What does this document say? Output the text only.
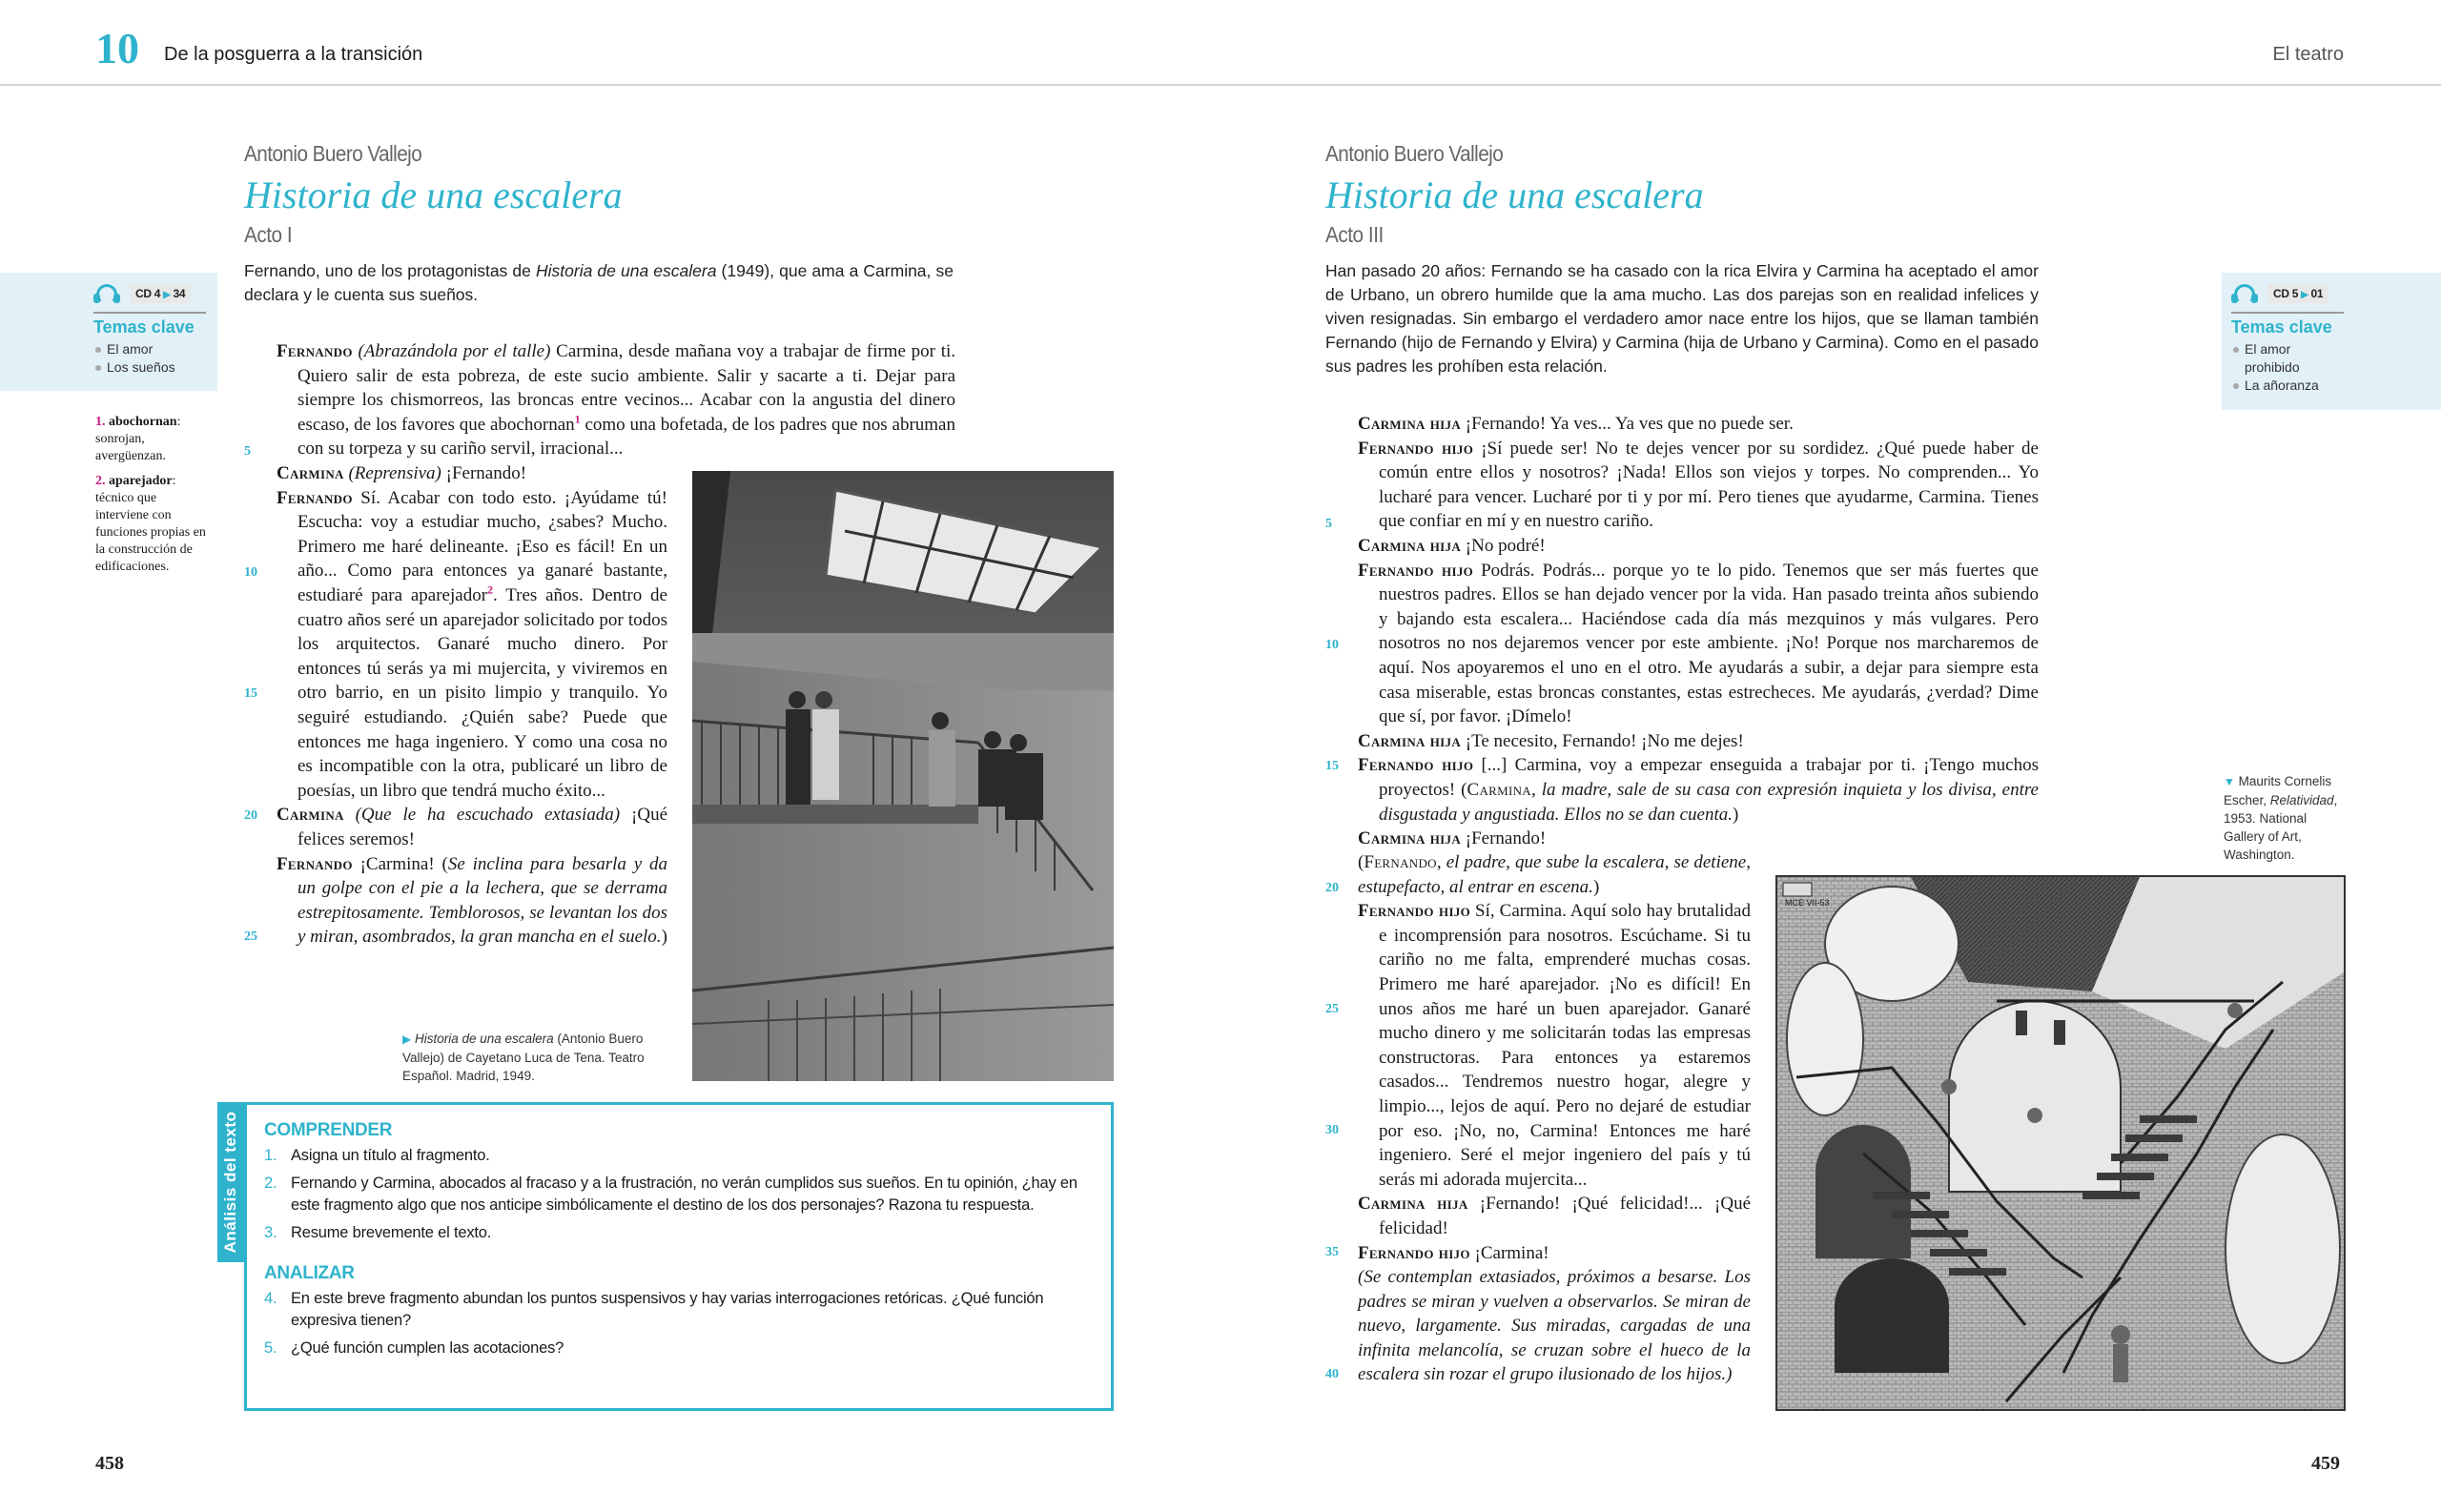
10 De la posguerra a la transición	El teatro
CD 4 ▶ 34
Temas clave
El amor
Los sueños
1. abochornan: sonrojan, avergüenzan.
2. aparejador: técnico que interviene con funciones propias en la construcción de edificaciones.
Antonio Buero Vallejo
Historia de una escalera
Acto I
Fernando, uno de los protagonistas de Historia de una escalera (1949), que ama a Carmina, se declara y le cuenta sus sueños.
5
10
15
20
25

Fernando (Abrazándola por el talle) Carmina, desde mañana voy a trabajar de firme por ti. Quiero salir de esta pobreza, de este sucio ambiente. Salir y sacarte a ti. Dejar para siempre los chismorreos, las broncas entre vecinos... Acabar con la angustia del dinero escaso, de los favores que abochornan$^1$ como una bofetada, de los padres que nos abruman con su torpeza y su cariño servil, irracional...

Carmina (Reprensiva) ¡Fernando!

Fernando Sí. Acabar con todo esto. ¡Ayúdame tú! Escucha: voy a estudiar mucho, ¿sabes? Mucho. Primero me haré delineante. ¡Eso es fácil! En un año... Como para entonces ya ganaré bastante, estudiaré para aparejador$^2$. Tres años. Dentro de cuatro años seré un aparejador solicitado por todos los arquitectos. Ganaré mucho dinero. Por entonces tú serás ya mi mujercita, y viviremos en otro barrio, en un pisito limpio y tranquilo. Yo seguiré estudiando. ¿Quién sabe? Puede que entonces me haga ingeniero. Y como una cosa no es incompatible con la otra, publicaré un libro de poesías, un libro que tendrá mucho éxito...

Carmina (Que le ha escuchado extasiada) ¡Qué felices seremos!

Fernando ¡Carmina! (Se inclina para besarla y da un golpe con el pie a la lechera, que se derrama estrepitosamente. Temblorosos, se levantan los dos y miran, asombrados, la gran mancha en el suelo.)

▶ Historia de una escalera (Antonio Buero Vallejo) de Cayetano Luca de Tena. Teatro Español. Madrid, 1949.
Análisis del texto COMPRENDER
1. Asigna un título al fragmento.
2. Fernando y Carmina, abocados al fracaso y a la frustración, no verán cumplidos sus sueños. En tu opinión, ¿hay en este fragmento algo que nos anticipe simbólicamente el destino de los dos personajes? Razona tu respuesta.
3. Resume brevemente el texto.
ANALIZAR
4. En este breve fragmento abundan los puntos suspensivos y hay varias interrogaciones retóricas. ¿Qué función expresiva tienen?
5. ¿Qué función cumplen las acotaciones?
458
Antonio Buero Vallejo
Historia de una escalera
Acto III
Han pasado 20 años: Fernando se ha casado con la rica Elvira y Carmina ha aceptado el amor de Urbano, un obrero humilde que la ama mucho. Las dos parejas son en realidad infelices y viven resignadas. Sin embargo el verdadero amor nace entre los hijos, que se llaman también Fernando (hijo de Fernando y Elvira) y Carmina (hija de Urbano y Carmina). Como en el pasado sus padres les prohíben esta relación.
CD 5 ▶ 01
Temas clave
El amor prohibido
La añoranza
5
10
15
20
25
30
35
40

Carmina hija ¡Fernando! Ya ves... Ya ves que no puede ser.

Fernando hijo ¡Sí puede ser! No te dejes vencer por su sordidez. ¿Qué puede haber de común entre ellos y nosotros? ¡Nada! Ellos son viejos y torpes. No comprenden... Yo lucharé para vencer. Lucharé por ti y por mí. Pero tienes que ayudarme, Carmina. Tienes que confiar en mí y en nuestro cariño.

Carmina hija ¡No podré!

Fernando hijo Podrás. Podrás... porque yo te lo pido. Tenemos que ser más fuertes que nuestros padres. Ellos se han dejado vencer por la vida. Han pasado treinta años subiendo y bajando esta escalera... Haciéndose cada día más mezquinos y más vulgares. Pero nosotros no nos dejaremos vencer por este ambiente. ¡No! Porque nos marcharemos de aquí. Nos apoyaremos el uno en el otro. Me ayudarás a subir, a dejar para siempre esta casa miserable, estas broncas constantes, estas estrecheces. Me ayudarás, ¿verdad? Dime que sí, por favor. ¡Dímelo!

Carmina hija ¡Te necesito, Fernando! ¡No me dejes!

Fernando hijo [...] Carmina, voy a empezar enseguida a trabajar por ti. ¡Tengo muchos proyectos! (Carmina, la madre, sale de su casa con expresión inquieta y los divisa, entre disgustada y angustiada. Ellos no se dan cuenta.)

Carmina hija ¡Fernando!

(Fernando, el padre, que sube la escalera, se detiene, estupefacto, al entrar en escena.)

Fernando hijo Sí, Carmina. Aquí solo hay brutalidad e incomprensión para nosotros. Escúchame. Si tu cariño no me falta, emprenderé muchas cosas. Primero me haré aparejador. ¡No es difícil! En unos años me haré un buen aparejador. Ganaré mucho dinero y me solicitarán todas las empresas constructoras. Para entonces ya estaremos casados... Tendremos nuestro hogar, alegre y limpio..., lejos de aquí. Pero no dejaré de estudiar por eso. ¡No, no, Carmina! Entonces me haré ingeniero. Seré el mejor ingeniero del país y tú serás mi adorada mujercita...

Carmina hija ¡Fernando! ¡Qué felicidad!... ¡Qué felicidad!

Fernando hijo ¡Carmina!

(Se contemplan extasiados, próximos a besarse. Los padres se miran y vuelven a observarlos. Se miran de nuevo, largamente. Sus miradas, cargadas de una infinita melancolía, se cruzan sobre el hueco de la escalera sin rozar el grupo ilusionado de los hijos.)

▼ Maurits Cornelis Escher, Relatividad, 1953. National Gallery of Art, Washington.
MCE VII-53
459
